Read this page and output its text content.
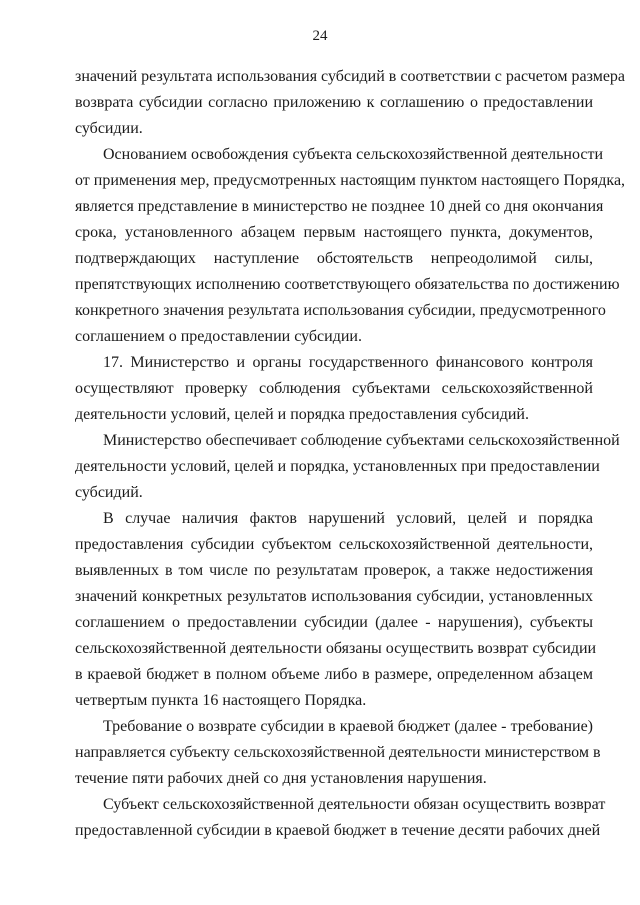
24
значений результата использования субсидий в соответствии с расчетом размера
возврата субсидии согласно приложению к соглашению о предоставлении
субсидии.
Основанием освобождения субъекта сельскохозяйственной деятельности
от применения мер, предусмотренных настоящим пунктом настоящего Порядка,
является представление в министерство не позднее 10 дней со дня окончания
срока, установленного абзацем первым настоящего пункта, документов,
подтверждающих наступление обстоятельств непреодолимой силы,
препятствующих исполнению соответствующего обязательства по достижению
конкретного значения результата использования субсидии, предусмотренного
соглашением о предоставлении субсидии.
17. Министерство и органы государственного финансового контроля
осуществляют проверку соблюдения субъектами сельскохозяйственной
деятельности условий, целей и порядка предоставления субсидий.
Министерство обеспечивает соблюдение субъектами сельскохозяйственной
деятельности условий, целей и порядка, установленных при предоставлении
субсидий.
В случае наличия фактов нарушений условий, целей и порядка
предоставления субсидии субъектом сельскохозяйственной деятельности,
выявленных в том числе по результатам проверок, а также недостижения
значений конкретных результатов использования субсидии, установленных
соглашением о предоставлении субсидии (далее - нарушения), субъекты
сельскохозяйственной деятельности обязаны осуществить возврат субсидии
в краевой бюджет в полном объеме либо в размере, определенном абзацем
четвертым пункта 16 настоящего Порядка.
Требование о возврате субсидии в краевой бюджет (далее - требование)
направляется субъекту сельскохозяйственной деятельности министерством в
течение пяти рабочих дней со дня установления нарушения.
Субъект сельскохозяйственной деятельности обязан осуществить возврат
предоставленной субсидии в краевой бюджет в течение десяти рабочих дней
